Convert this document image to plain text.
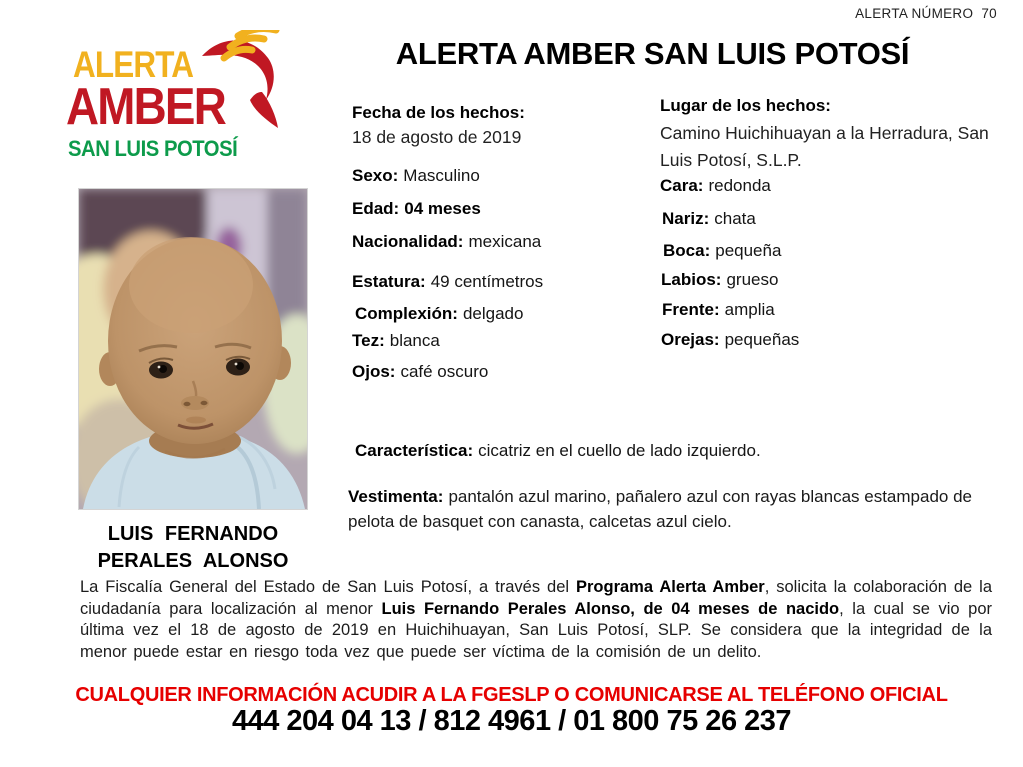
ALERTA NÚMERO  70
ALERTA AMBER SAN LUIS POTOSÍ
ALERTA
AMBER
SAN LUIS POTOSÍ
LUIS FERNANDO
PERALES ALONSO
Fecha de los hechos:
18 de agosto de 2019
Sexo: Masculino
Edad: 04 meses
Nacionalidad: mexicana
Estatura: 49 centímetros
Complexión: delgado
Tez: blanca
Ojos: café oscuro
Lugar de los hechos:
Camino Huichihuayan a la Herradura, San Luis Potosí, S.L.P.
Cara: redonda
Nariz: chata
Boca: pequeña
Labios: grueso
Frente: amplia
Orejas: pequeñas
Característica: cicatriz en el cuello de lado izquierdo.
Vestimenta: pantalón azul marino, pañalero azul con rayas blancas estampado de pelota de basquet con canasta, calcetas azul cielo.
La Fiscalía General del Estado de San Luis Potosí, a través del Programa Alerta Amber, solicita la colaboración de la ciudadanía para localización al menor Luis Fernando Perales Alonso, de 04 meses de nacido, la cual se vio por última vez el 18 de agosto de 2019 en Huichihuayan, San Luis Potosí, SLP. Se considera que la integridad de la menor puede estar en riesgo toda vez que puede ser víctima de la comisión de un delito.
CUALQUIER INFORMACIÓN ACUDIR A LA FGESLP O COMUNICARSE AL TELÉFONO OFICIAL
444 204 04 13 / 812 4961 / 01 800 75 26 237
